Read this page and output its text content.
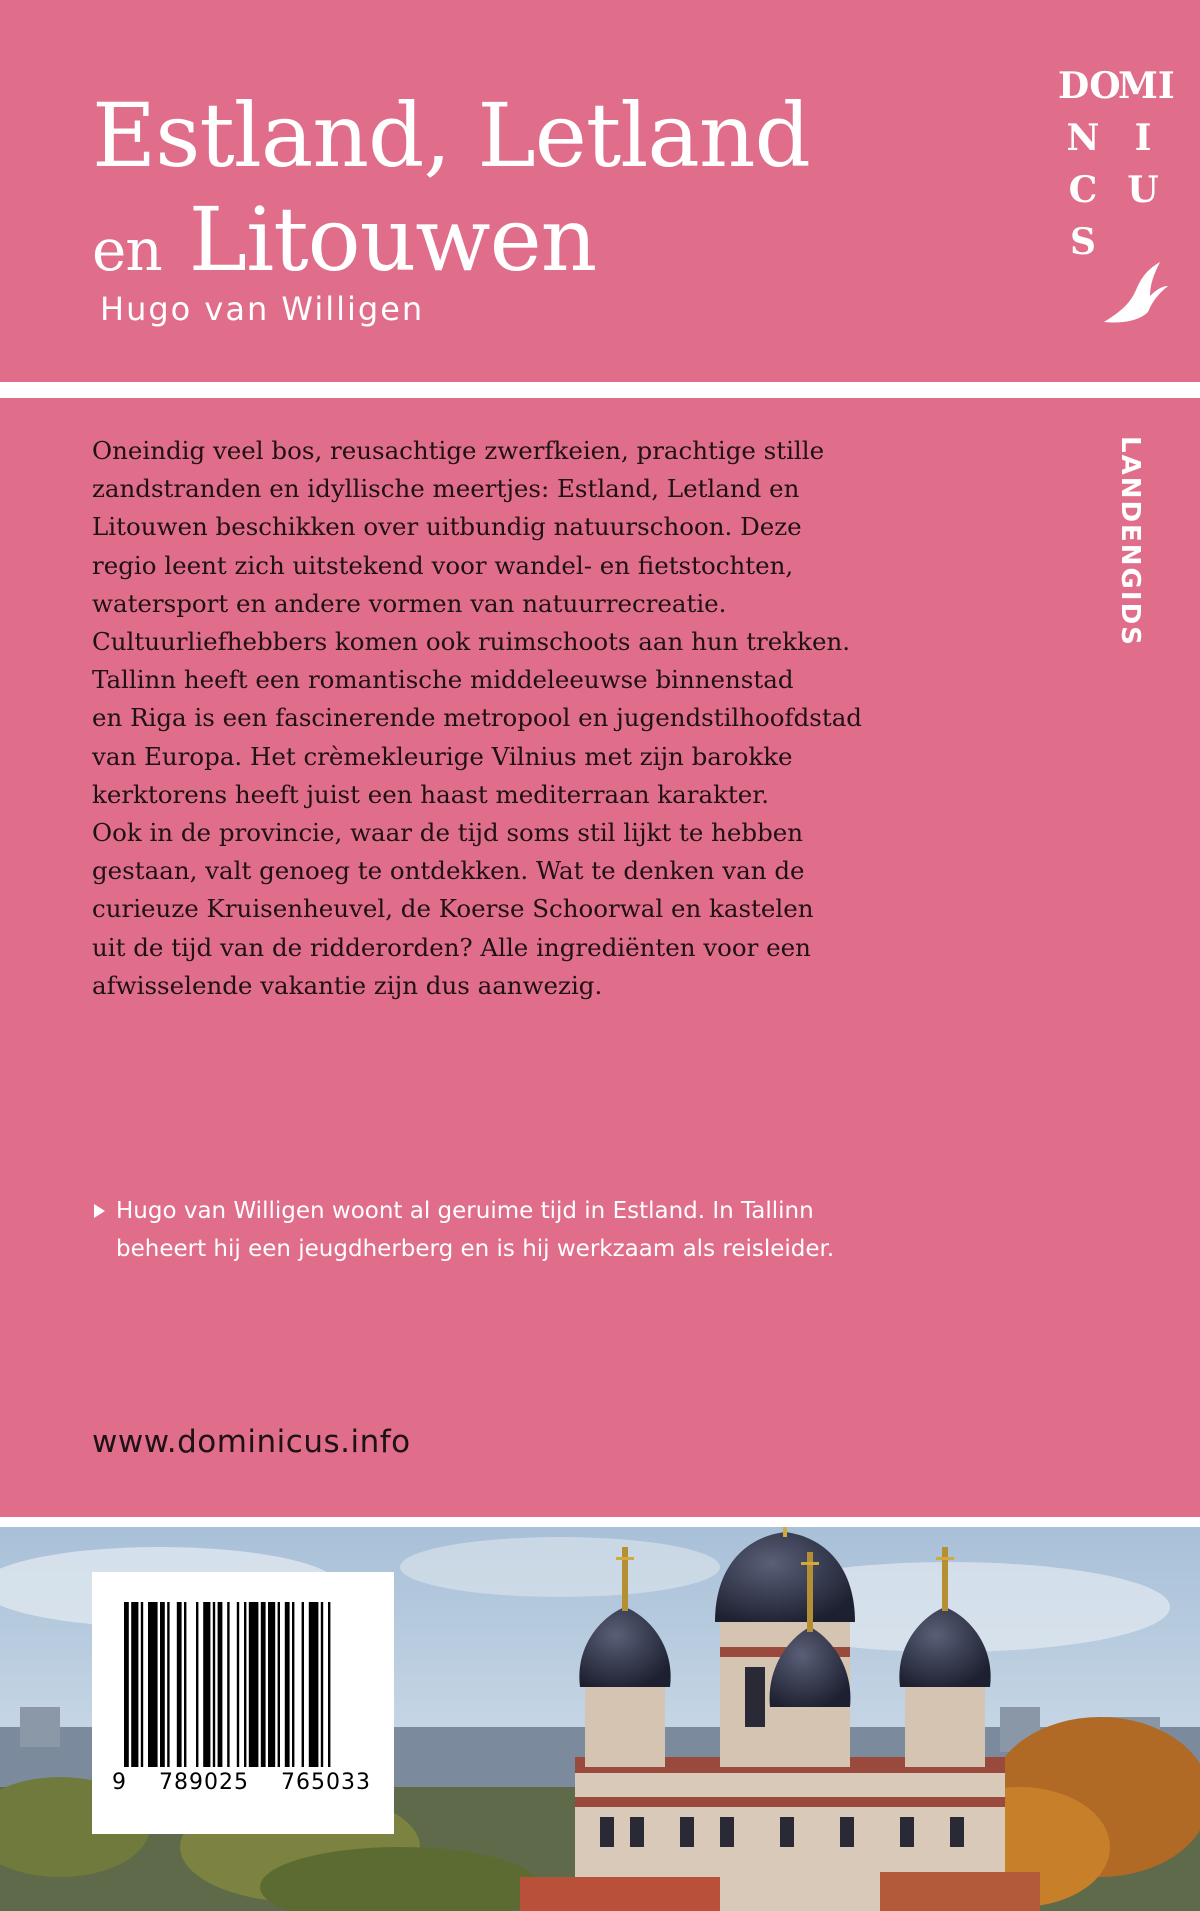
Estland, Letland
en Litouwen
Hugo van Willigen
DO
MI
N I
C U
S
LANDENGIDS

Oneindig veel bos, reusachtige zwerfkeien, prachtige stille
zandstranden en idyllische meertjes: Estland, Letland en
Litouwen beschikken over uitbundig natuurschoon. Deze
regio leent zich uitstekend voor wandel- en fietstochten,
watersport en andere vormen van natuurrecreatie.
Cultuurliefhebbers komen ook ruimschoots aan hun trekken.
Tallinn heeft een romantische middeleeuwse binnenstad
en Riga is een fascinerende metropool en jugendstilhoofdstad
van Europa. Het crèmekleurige Vilnius met zijn barokke
kerktorens heeft juist een haast mediterraan karakter.
Ook in de provincie, waar de tijd soms stil lijkt te hebben
gestaan, valt genoeg te ontdekken. Wat te denken van de
curieuze Kruisenheuvel, de Koerse Schoorwal en kastelen
uit de tijd van de ridderorden? Alle ingrediënten voor een
afwisselende vakantie zijn dus aanwezig.

Hugo van Willigen woont al geruime tijd in Estland. In Tallinn
beheert hij een jeugdherberg en is hij werkzaam als reisleider.
www.dominicus.info
9 789025 765033
